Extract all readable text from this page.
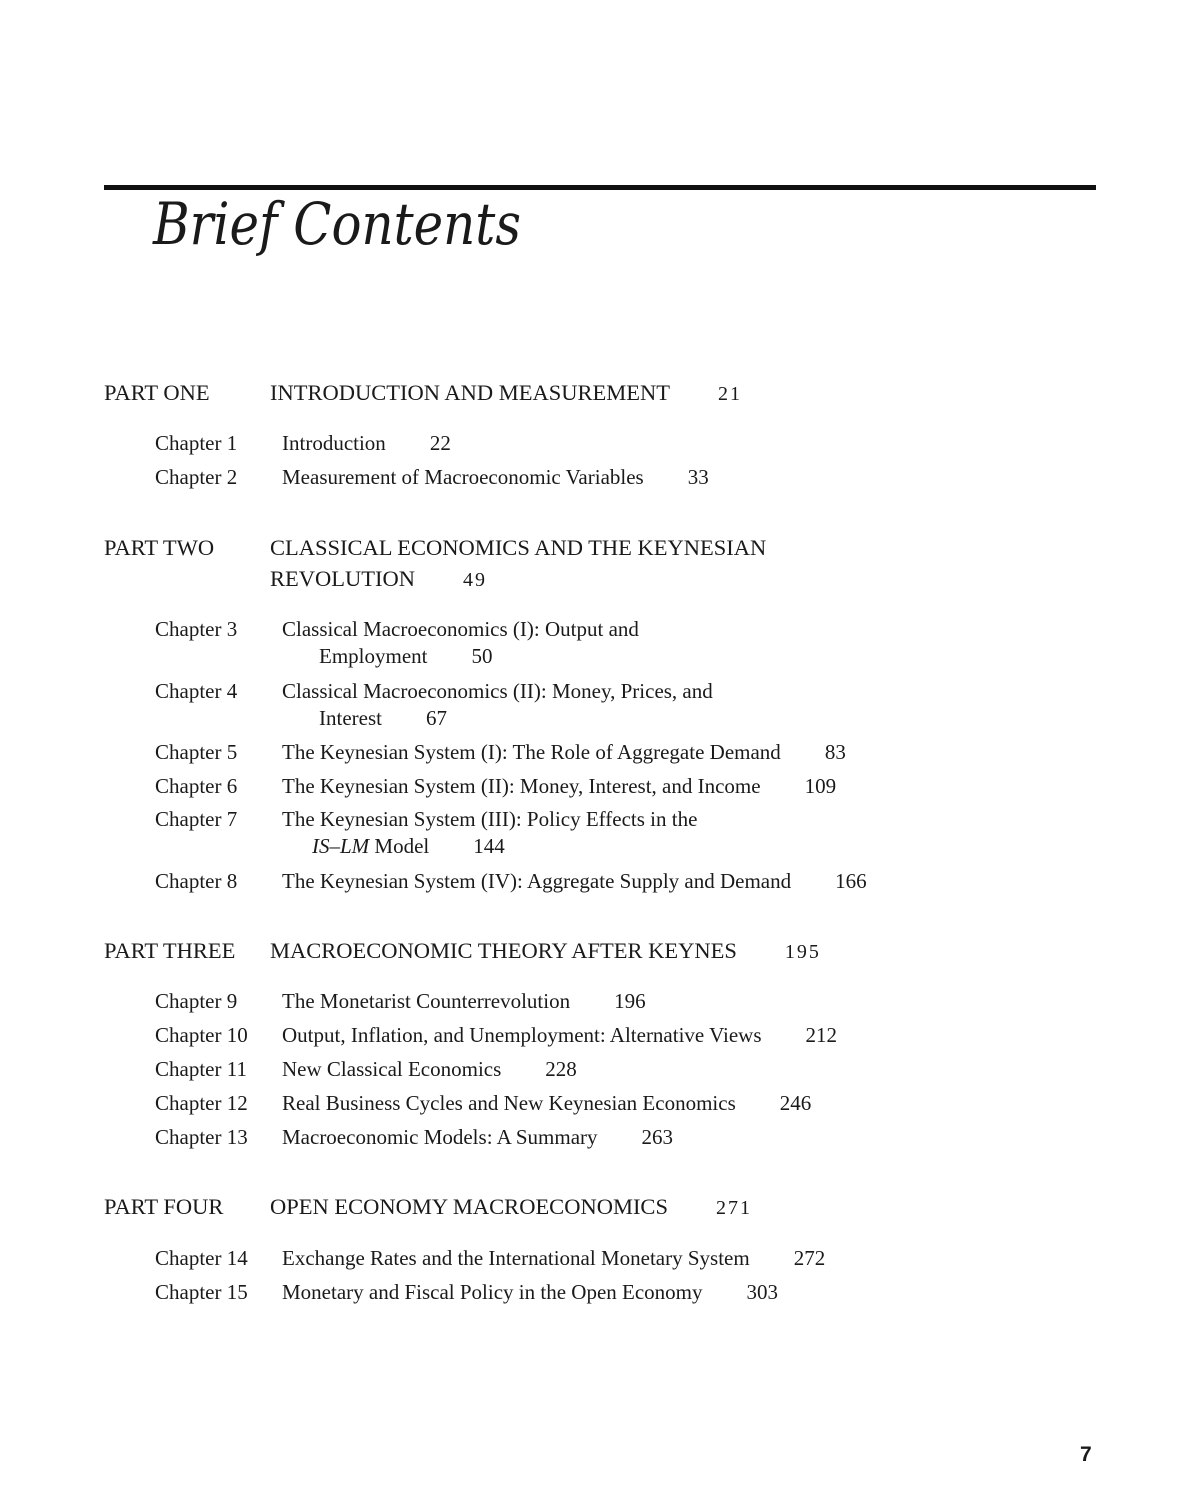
Brief Contents
PART ONE	INTRODUCTION AND MEASUREMENT 21
Chapter 1 Introduction 22
Chapter 2 Measurement of Macroeconomic Variables 33
PART TWO CLASSICAL ECONOMICS AND THE KEYNESIAN
REVOLUTION 49
Chapter 3 Classical Macroeconomics (I): Output and
Employment 50
Chapter 4 Classical Macroeconomics (II): Money, Prices, and
Interest 67
Chapter 5 The Keynesian System (I): The Role of Aggregate Demand 83
Chapter 6 The Keynesian System (II): Money, Interest, and Income 109
Chapter 7 The Keynesian System (III): Policy Effects in the
IS–LM Model 144
Chapter 8 The Keynesian System (IV): Aggregate Supply and Demand 166
PART THREE MACROECONOMIC THEORY AFTER KEYNES 195
Chapter 9 The Monetarist Counterrevolution 196
Chapter 10 Output, Inflation, and Unemployment: Alternative Views 212
Chapter 11 New Classical Economics 228
Chapter 12 Real Business Cycles and New Keynesian Economics 246
Chapter 13 Macroeconomic Models: A Summary 263
PART FOUR OPEN ECONOMY MACROECONOMICS 271
Chapter 14 Exchange Rates and the International Monetary System 272
Chapter 15 Monetary and Fiscal Policy in the Open Economy 303
7
